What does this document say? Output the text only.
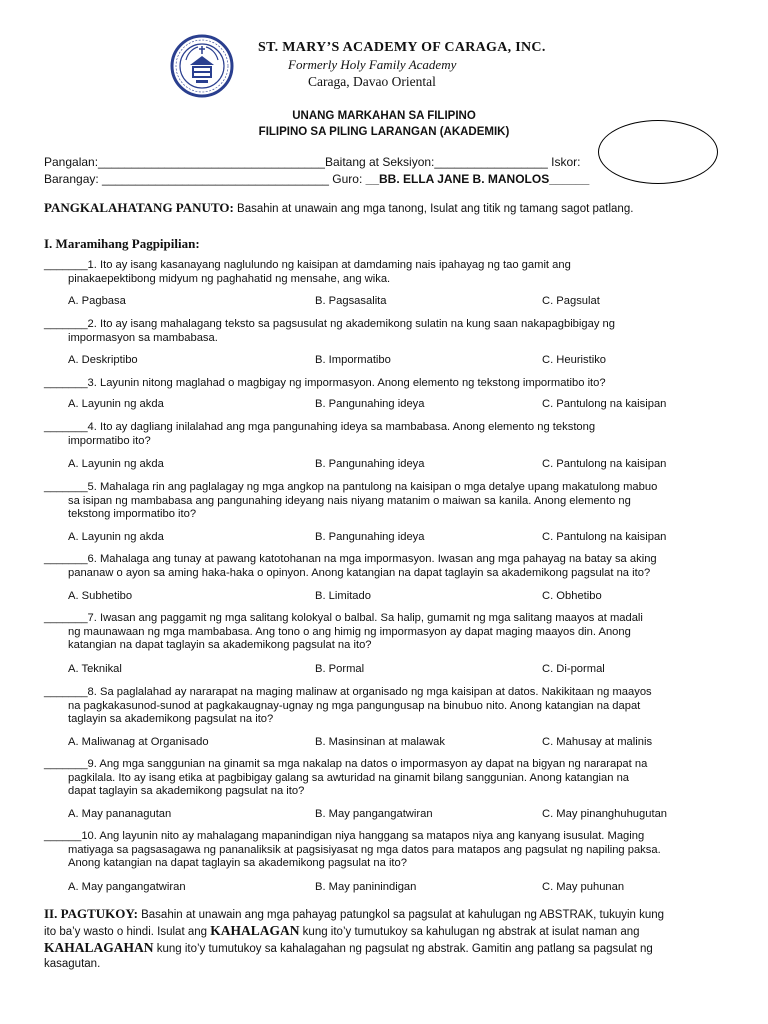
ST. MARY’S ACADEMY OF CARAGA, INC.
Formerly Holy Family Academy
Caraga, Davao Oriental
UNANG MARKAHAN SA FILIPINO
FILIPINO SA PILING LARANGAN (AKADEMIK)
Pangalan:__________________________________Baitang at Seksiyon:_________________ Iskor:
Barangay: __________________________________ Guro: __BB. ELLA JANE B. MANOLOS______
PANGKALAHATANG PANUTO: Basahin at unawain ang mga tanong, Isulat ang titik ng tamang sagot patlang.
I. Maramihang Pagpipilian:
_______1. Ito ay isang kasanayang naglulundo ng kaisipan at damdaming nais ipahayag ng tao gamit ang
pinakaepektibong midyum ng paghahatid ng mensahe, ang wika.
A. Pagbasa	B. Pagsasalita	C. Pagsulat
_______2. Ito ay isang mahalagang teksto sa pagsusulat ng akademikong sulatin na kung saan nakapagbibigay ng
impormasyon sa mambabasa.
A. Deskriptibo	B. Impormatibo	C. Heuristiko
_______3. Layunin nitong maglahad o magbigay ng impormasyon. Anong elemento ng tekstong impormatibo ito?
A. Layunin ng akda	B. Pangunahing ideya	C. Pantulong na kaisipan
_______4. Ito ay dagliang inilalahad ang mga pangunahing ideya sa mambabasa. Anong elemento ng tekstong
impormatibo ito?
A. Layunin ng akda	B. Pangunahing ideya	C. Pantulong na kaisipan
_______5. Mahalaga rin ang paglalagay ng mga angkop na pantulong na kaisipan o mga detalye upang makatulong mabuo
sa isipan ng mambabasa ang pangunahing ideyang nais niyang matanim o maiwan sa kanila. Anong elemento ng
tekstong impormatibo ito?
A. Layunin ng akda	B. Pangunahing ideya	C. Pantulong na kaisipan
_______6. Mahalaga ang tunay at pawang katotohanan na mga impormasyon. Iwasan ang mga pahayag na batay sa aking
pananaw o ayon sa aming haka-haka o opinyon. Anong katangian na dapat taglayin sa akademikong pagsulat na ito?
A. Subhetibo	B. Limitado	C. Obhetibo
_______7. Iwasan ang paggamit ng mga salitang kolokyal o balbal. Sa halip, gumamit ng mga salitang maayos at madali
ng maunawaan ng mga mambabasa. Ang tono o ang himig ng impormasyon ay dapat maging maayos din. Anong
katangian na dapat taglayin sa akademikong pagsulat na ito?
A. Teknikal	B. Pormal	C. Di-pormal
_______8. Sa paglalahad ay nararapat na maging malinaw at organisado ng mga kaisipan at datos. Nakikitaan ng maayos
na pagkakasunod-sunod at pagkakaugnay-ugnay ng mga pangungusap na binubuo nito. Anong katangian na dapat
taglayin sa akademikong pagsulat na ito?
A. Maliwanag at Organisado	B. Masinsinan at malawak	C. Mahusay at malinis
_______9. Ang mga sanggunian na ginamit sa mga nakalap na datos o impormasyon ay dapat na bigyan ng nararapat na
pagkilala. Ito ay isang etika at pagbibigay galang sa awturidad na ginamit bilang sanggunian. Anong katangian na
dapat taglayin sa akademikong pagsulat na ito?
A. May pananagutan	B. May pangangatwiran	C. May pinanghuhugutan
______10. Ang layunin nito ay mahalagang mapanindigan niya hanggang sa matapos niya ang kanyang isusulat. Maging
matiyaga sa pagsasagawa ng pananaliksik at pagsisiyasat ng mga datos para matapos ang pagsulat ng napiling paksa.
Anong katangian na dapat taglayin sa akademikong pagsulat na ito?
A. May pangangatwiran	B. May paninindigan	C. May puhunan
II. PAGTUKOY: Basahin at unawain ang mga pahayag patungkol sa pagsulat at kahulugan ng ABSTRAK, tukuyin kung
ito ba’y wasto o hindi. Isulat ang KAHALAGAN kung ito’y tumutukoy sa kahulugan ng abstrak at isulat naman ang
KAHALAGAHAN kung ito’y tumutukoy sa kahalagahan ng pagsulat ng abstrak. Gamitin ang patlang sa pagsulat ng
kasagutan.
